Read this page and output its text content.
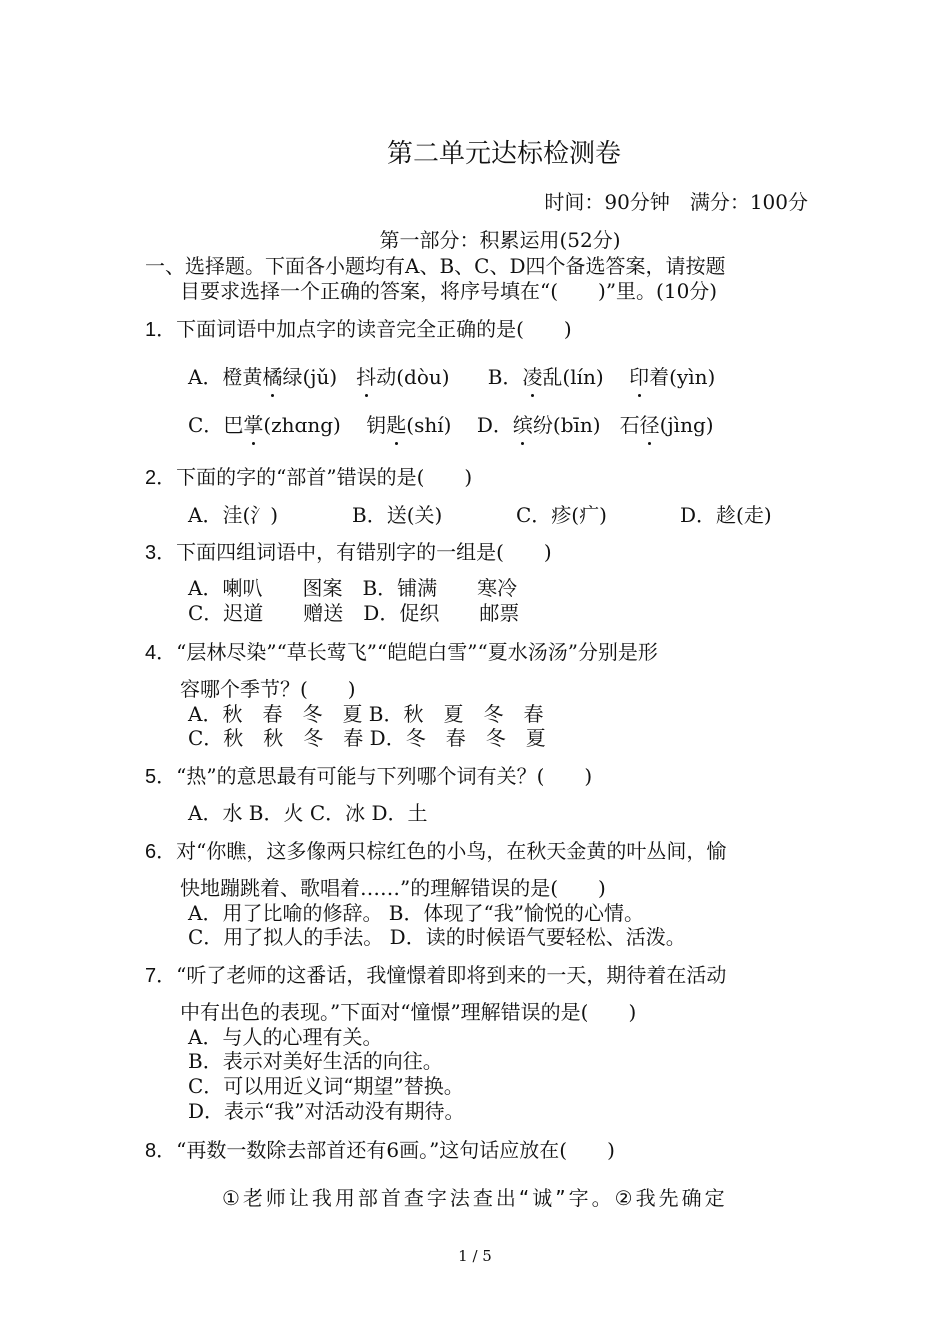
第二单元达标检测卷
时间：90分钟　满分：100分
第一部分：积累运用(52分)
一、选择题。下面各小题均有A、B、C、D四个备选答案，请按题
目要求选择一个正确的答案，将序号填在“(　　)”里。(10分)
1．下面词语中加点字的读音完全正确的是(　　)
A．橙黄橘绿(jǔ) 抖动(dòu) B．凌乱(lín) 印着(yìn)
C．巴掌(zhɑng) 钥匙(shí) D．缤纷(bīn) 石径(jìng)
2．下面的字的“部首”错误的是(　　)
A．洼(氵)	B．送(关)	C．疹(疒)	D．趁(走)
3．下面四组词语中，有错别字的一组是(　　)
A．喇叭　　图案　B．铺满　　寒冷
C．迟道　　赠送　D．促织　　邮票
4．“层林尽染”“草长莺飞”“皑皑白雪”“夏水汤汤”分别是形
容哪个季节？(　　)
A．秋　春　冬　夏 B．秋　夏　冬　春
C．秋　秋　冬　春 D．冬　春　冬　夏
5．“热”的意思最有可能与下列哪个词有关？(　　)
A．水 B．火 C．冰 D．土
6．对“你瞧，这多像两只棕红色的小鸟，在秋天金黄的叶丛间，愉
快地蹦跳着、歌唱着……”的理解错误的是(　　)
A．用了比喻的修辞。 B．体现了“我”愉悦的心情。
C．用了拟人的手法。 D．读的时候语气要轻松、活泼。
7．“听了老师的这番话，我憧憬着即将到来的一天，期待着在活动
中有出色的表现。”下面对“憧憬”理解错误的是(　　)
A．与人的心理有关。
B．表示对美好生活的向往。
C．可以用近义词“期望”替换。
D．表示“我”对活动没有期待。
8．“再数一数除去部首还有6画。”这句话应放在(　　)
①老师让我用部首查字法查出“诚”字。②我先确定
1 / 5
